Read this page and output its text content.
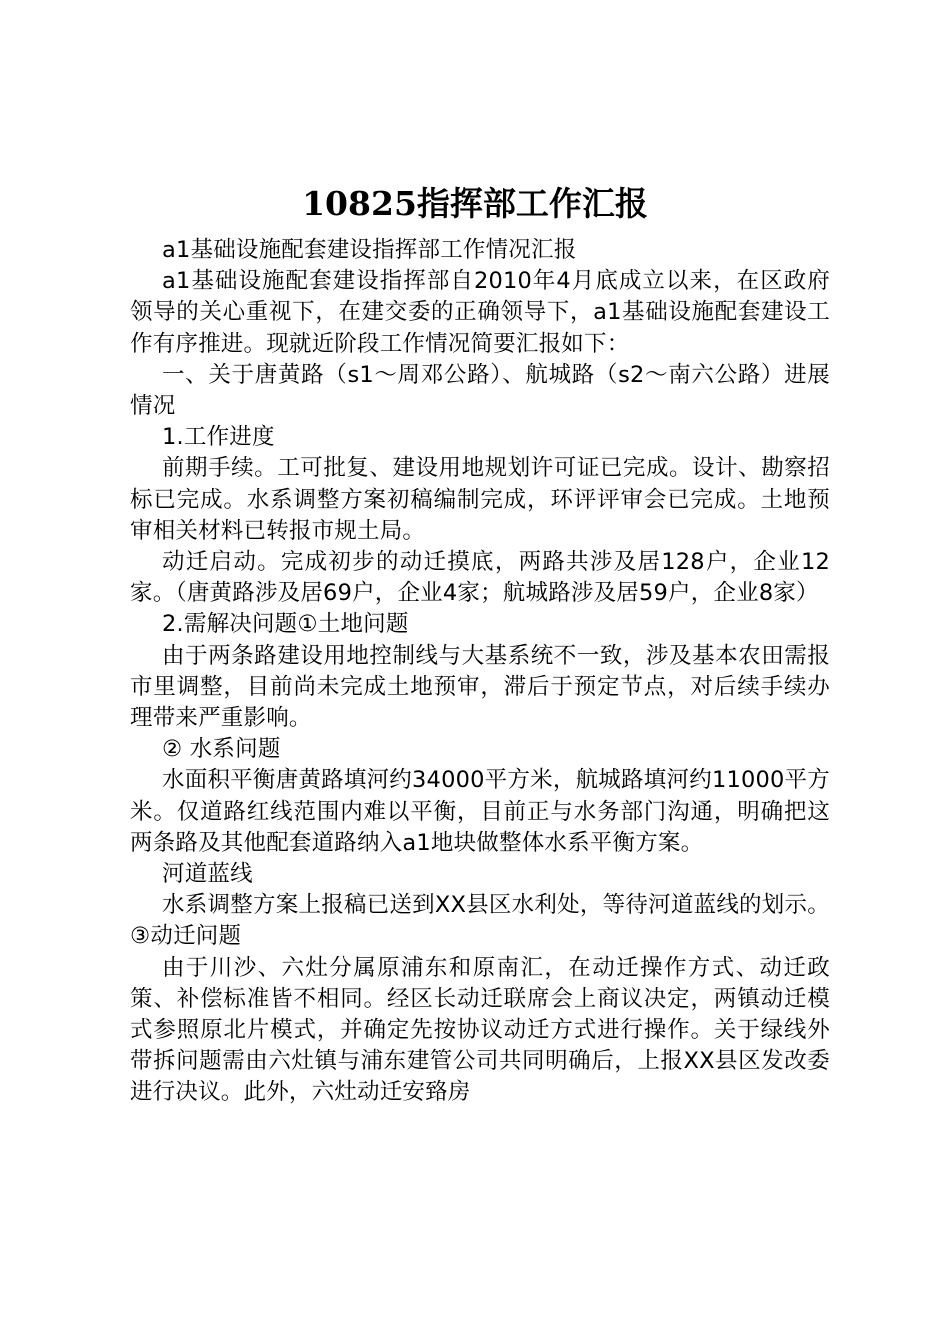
10825指挥部工作汇报

a1基础设施配套建设指挥部工作情况汇报

a1基础设施配套建设指挥部自2010年4月底成立以来，在区政府领导的关心重视下，在建交委的正确领导下，a1基础设施配套建设工作有序推进。现就近阶段工作情况简要汇报如下：

一、关于唐黄路（s1～周邓公路）、航城路（s2～南六公路）进展情况

1.工作进度

前期手续。工可批复、建设用地规划许可证已完成。设计、勘察招标已完成。水系调整方案初稿编制完成，环评评审会已完成。土地预审相关材料已转报市规土局。

动迁启动。完成初步的动迁摸底，两路共涉及居128户，企业12家。（唐黄路涉及居69户，企业4家；航城路涉及居59户，企业8家）

2.需解决问题①土地问题

由于两条路建设用地控制线与大基系统不一致，涉及基本农田需报市里调整，目前尚未完成土地预审，滞后于预定节点，对后续手续办理带来严重影响。

② 水系问题

水面积平衡唐黄路填河约34000平方米，航城路填河约11000平方米。仅道路红线范围内难以平衡，目前正与水务部门沟通，明确把这两条路及其他配套道路纳入a1地块做整体水系平衡方案。

河道蓝线

水系调整方案上报稿已送到XX县区水利处，等待河道蓝线的划示。③动迁问题

由于川沙、六灶分属原浦东和原南汇，在动迁操作方式、动迁政策、补偿标准皆不相同。经区长动迁联席会上商议决定，两镇动迁模式参照原北片模式，并确定先按协议动迁方式进行操作。关于绿线外带拆问题需由六灶镇与浦东建管公司共同明确后，上报XX县区发改委进行决议。此外，六灶动迁安臵房
